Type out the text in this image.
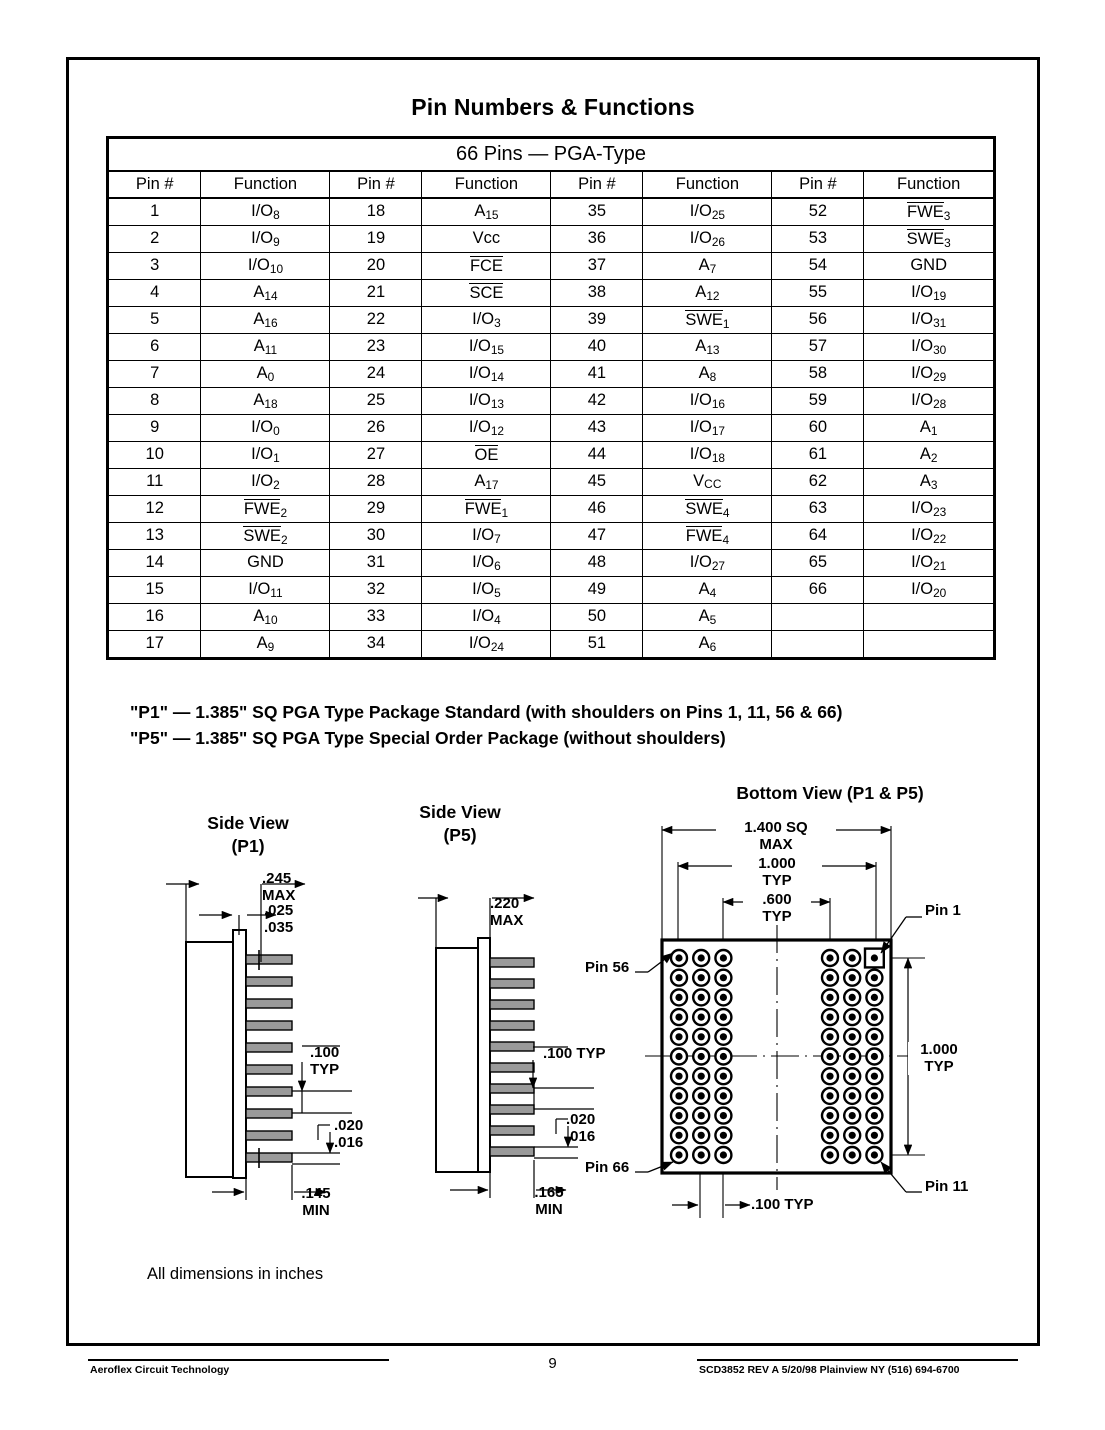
Pin Numbers & Functions
66 Pins — PGA-Type							
Pin #	Function	Pin #	Function	Pin #	Function	Pin #	Function
1	$I/O_8$	18	$A_{15}$	35	$I/O_{25}$	52	$FWE_3$
2	$I/O_9$	19	Vcc	36	$I/O_{26}$	53	$SWE_3$
3	$I/O_{10}$	20	FCE	37	$A_7$	54	GND
4	$A_{14}$	21	SCE	38	$A_{12}$	55	$I/O_{19}$
5	$A_{16}$	22	$I/O_3$	39	$SWE_1$	56	$I/O_{31}$
6	$A_{11}$	23	$I/O_{15}$	40	$A_{13}$	57	$I/O_{30}$
7	$A_0$	24	$I/O_{14}$	41	$A_8$	58	$I/O_{29}$
8	$A_{18}$	25	$I/O_{13}$	42	$I/O_{16}$	59	$I/O_{28}$
9	$I/O_0$	26	$I/O_{12}$	43	$I/O_{17}$	60	$A_1$
10	$I/O_1$	27	OE	44	$I/O_{18}$	61	$A_2$
11	$I/O_2$	28	$A_{17}$	45	VCC	62	$A_3$
12	$FWE_2$	29	$FWE_1$	46	$SWE_4$	63	$I/O_{23}$
13	$SWE_2$	30	$I/O_7$	47	$FWE_4$	64	$I/O_{22}$
14	GND	31	$I/O_6$	48	$I/O_{27}$	65	$I/O_{21}$
15	$I/O_{11}$	32	$I/O_5$	49	$A_4$	66	$I/O_{20}$
16	$A_{10}$	33	$I/O_4$	50	$A_5$		
17	$A_9$	34	$I/O_{24}$	51	$A_6$		
"P1" — 1.385" SQ PGA Type Package Standard (with shoulders on Pins 1, 11, 56 & 66)
"P5" — 1.385" SQ PGA Type Special Order Package (without shoulders)
Side View
(P1)
Side View
(P5)
Bottom View (P1 & P5)
.245
MAX
.025
.035
.100
TYP
.020
.016
.145
MIN
.220
MAX
.100 TYP
.020
.016
.165
MIN
1.400 SQ
MAX
1.000
TYP
.600
TYP
1.000
TYP
.100 TYP
Pin 1
Pin 11
Pin 56
Pin 66
All dimensions in inches
Aeroflex Circuit Technology	9	SCD3852 REV A 5/20/98 Plainview NY (516) 694-6700
